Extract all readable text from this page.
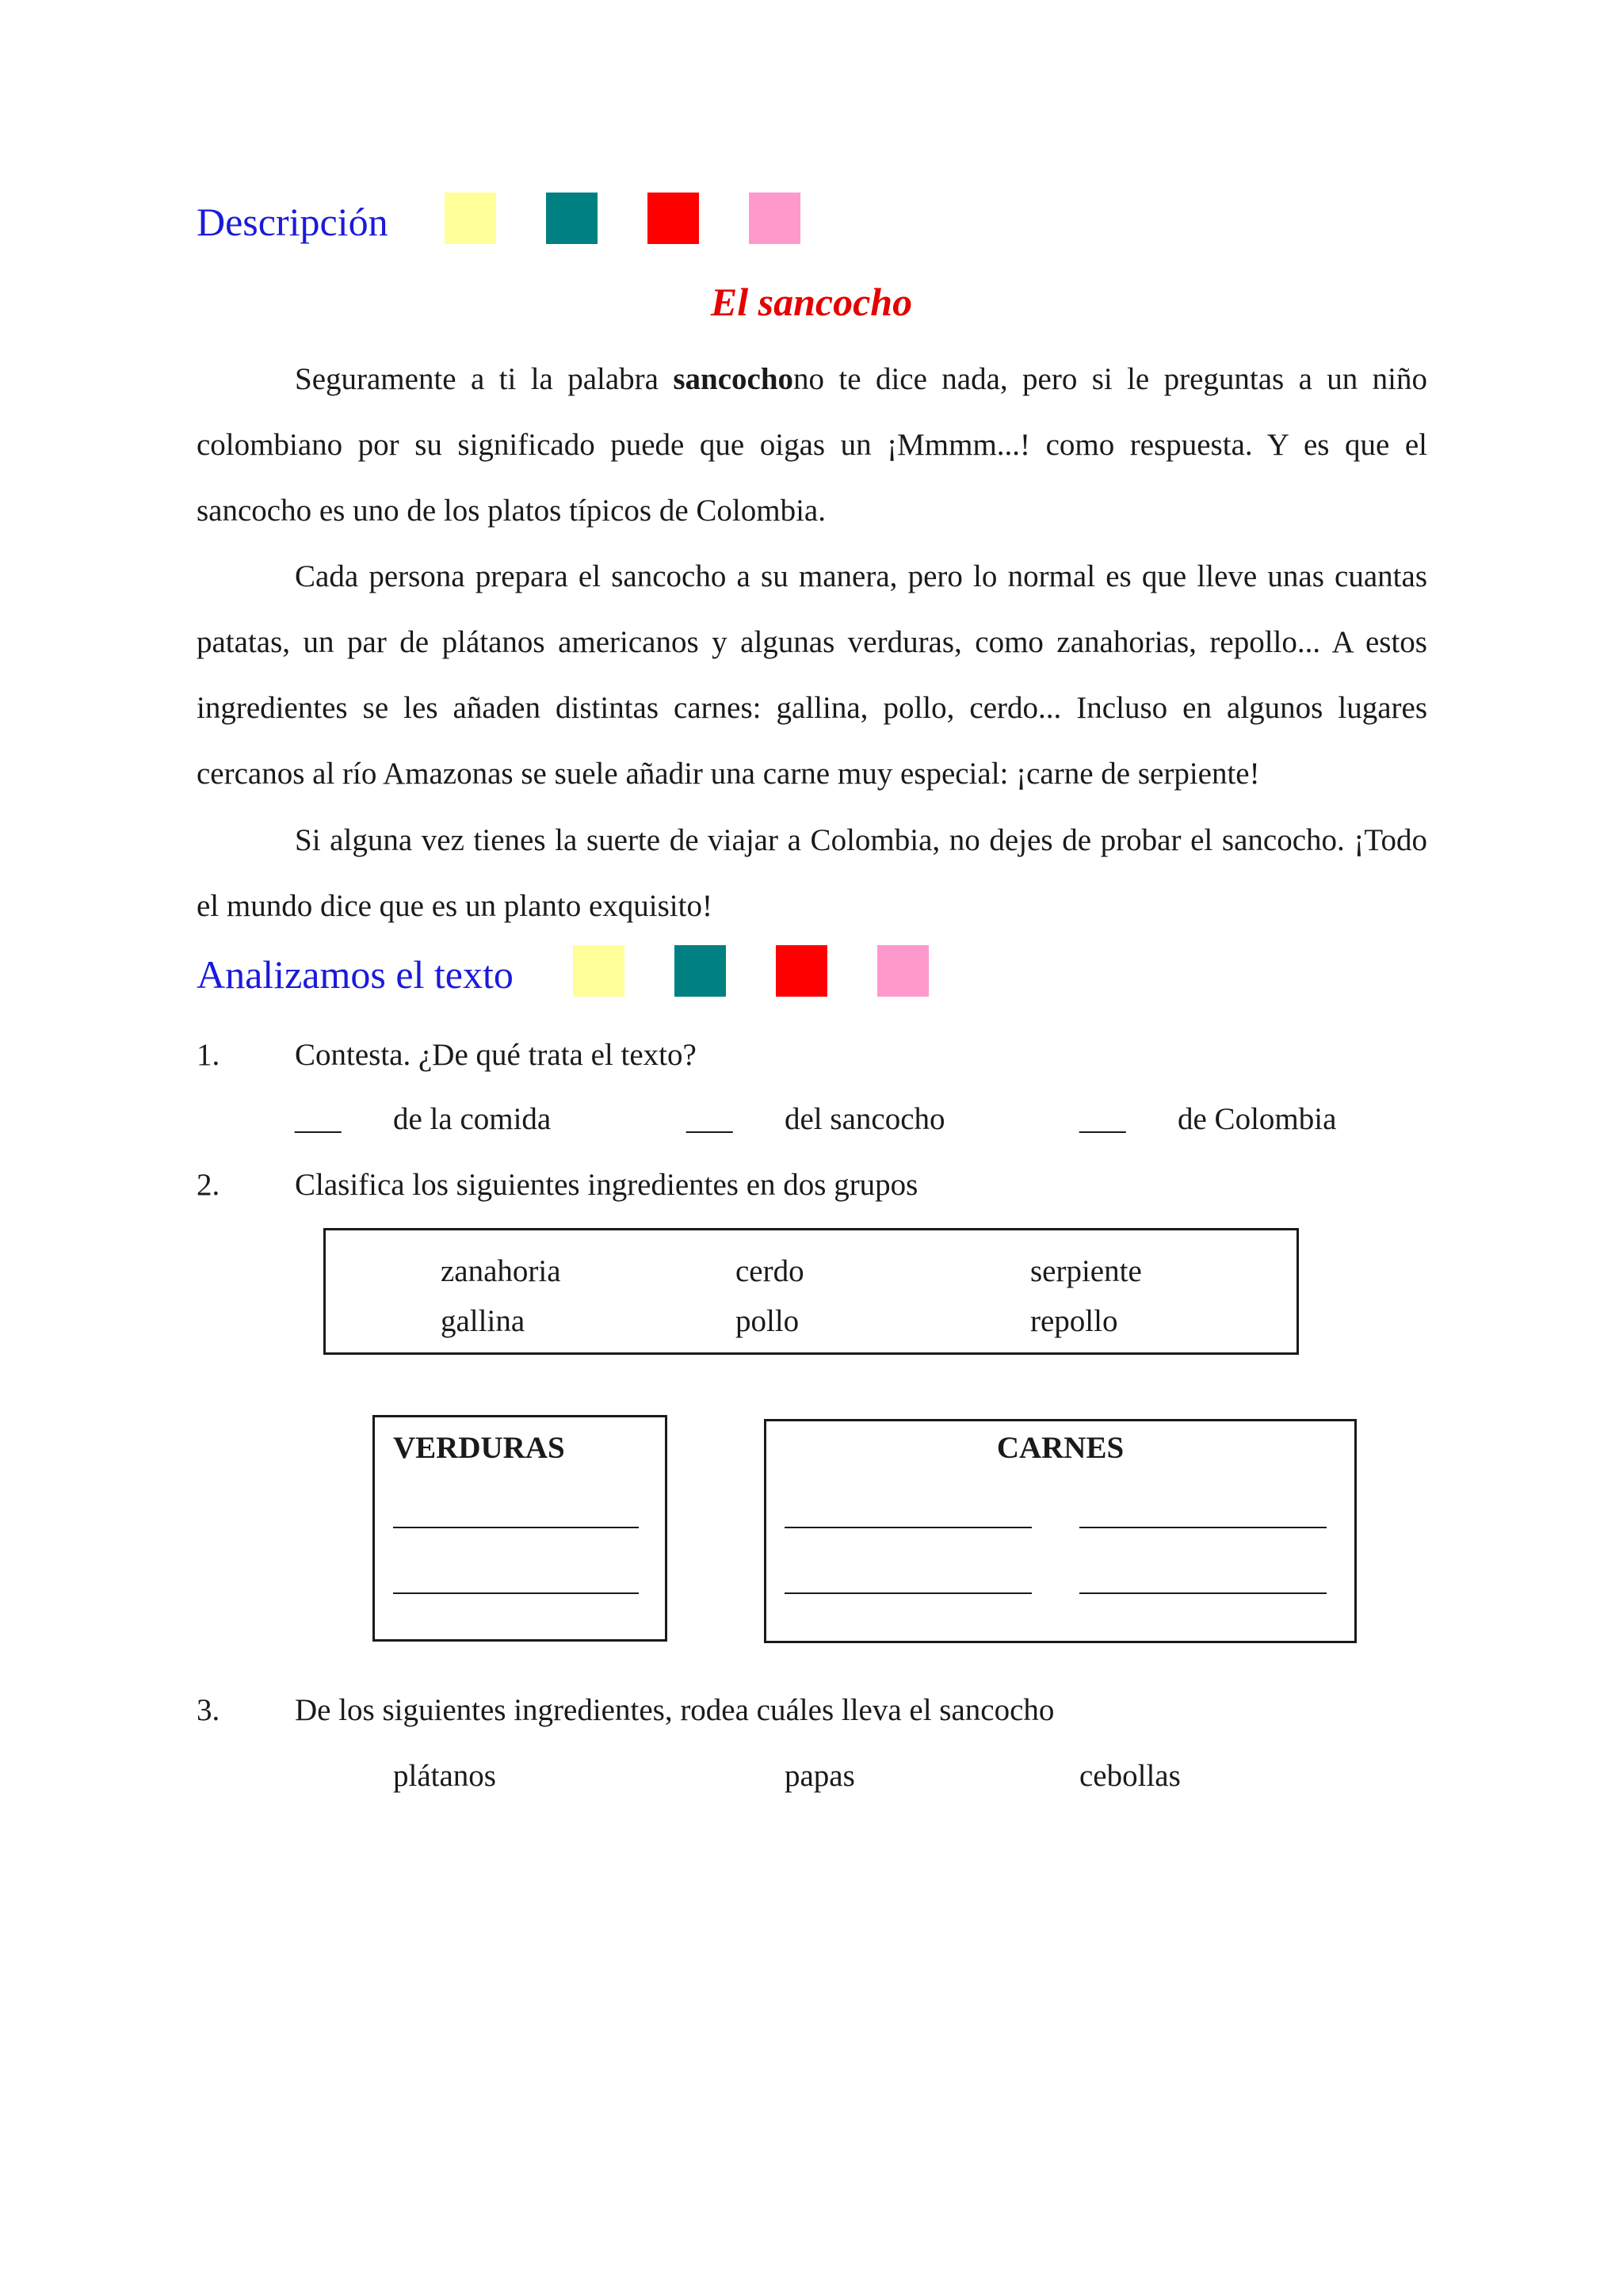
Descripción
El sancocho

Seguramente a ti la palabra sancochono te dice nada, pero si le preguntas a un niño colombiano por su significado puede que oigas un ¡Mmmm...! como respuesta. Y es que el sancocho es uno de los platos típicos de Colombia.

Cada persona prepara el sancocho a su manera, pero lo normal es que lleve unas cuantas patatas, un par de plátanos americanos y algunas verduras, como zanahorias, repollo... A estos ingredientes se les añaden distintas carnes: gallina, pollo, cerdo... Incluso en algunos lugares cercanos al río Amazonas se suele añadir una carne muy especial: ¡carne de serpiente!

Si alguna vez tienes la suerte de viajar a Colombia, no dejes de probar el sancocho. ¡Todo el mundo dice que es un planto exquisito!

Analizamos el texto
1. Contesta. ¿De qué trata el texto?
___ de la comida	___ del sancocho	___ de Colombia
2. Clasifica los siguientes ingredientes en dos grupos
zanahoria	cerdo	serpiente
gallina	pollo	repollo
VERDURAS	CARNES
3. De los siguientes ingredientes, rodea cuáles lleva el sancocho
plátanos	papas	cebollas
